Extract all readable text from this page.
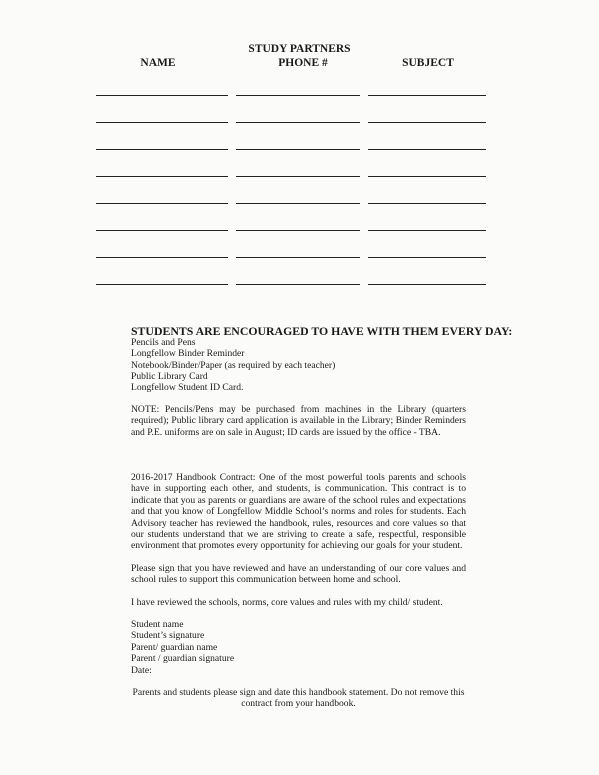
STUDY PARTNERS
NAME	PHONE #	SUBJECT
STUDENTS ARE ENCOURAGED TO HAVE WITH THEM EVERY DAY:
Pencils and Pens
Longfellow Binder Reminder
Notebook/Binder/Paper (as required by each teacher)
Public Library Card
Longfellow Student ID Card.
NOTE: Pencils/Pens may be purchased from machines in the Library (quarters required); Public library card application is available in the Library; Binder Reminders and P.E. uniforms are on sale in August; ID cards are issued by the office - TBA.
2016-2017 Handbook Contract: One of the most powerful tools parents and schools have in supporting each other, and students, is communication. This contract is to indicate that you as parents or guardians are aware of the school rules and expectations and that you know of Longfellow Middle School’s norms and roles for students. Each Advisory teacher has reviewed the handbook, rules, resources and core values so that our students understand that we are striving to create a safe, respectful, responsible environment that promotes every opportunity for achieving our goals for your student.
Please sign that you have reviewed and have an understanding of our core values and school rules to support this communication between home and school.
I have reviewed the schools, norms, core values and rules with my child/ student.
Student name
Student’s signature
Parent/ guardian name
Parent / guardian signature
Date:
Parents and students please sign and date this handbook statement. Do not remove this contract from your handbook.
